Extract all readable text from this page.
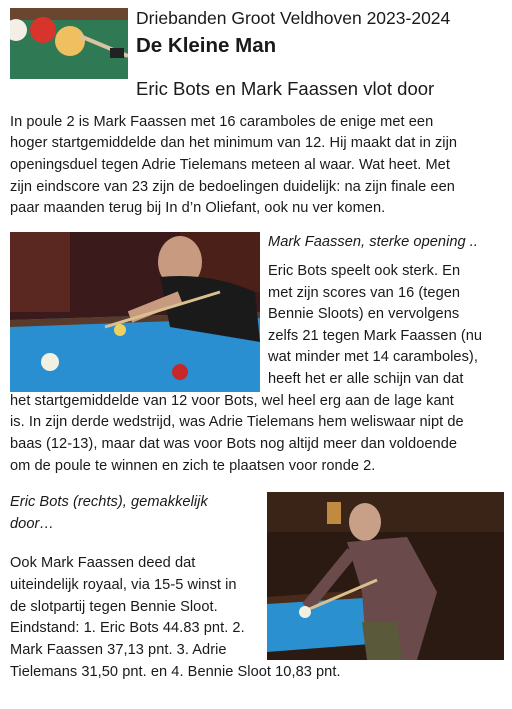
Driebanden Groot Veldhoven 2023-2024
De Kleine Man
Eric Bots en Mark Faassen vlot door
In poule 2 is Mark Faassen met 16 caramboles de enige met een
hoger startgemiddelde dan het minimum van 12. Hij maakt dat in zijn
openingsduel tegen Adrie Tielemans meteen al waar. Wat heet. Met
zijn eindscore van 23 zijn de bedoelingen duidelijk: na zijn finale een
paar maanden terug bij In d’n Oliefant, ook nu ver komen.
Mark Faassen, sterke opening ..
Eric Bots speelt ook sterk. En
met zijn scores van 16 (tegen
Bennie Sloots) en vervolgens
zelfs 21 tegen Mark Faassen (nu
wat minder met 14 caramboles),
heeft het er alle schijn van dat
het startgemiddelde van 12 voor Bots, wel heel erg aan de lage kant
is. In zijn derde wedstrijd, was Adrie Tielemans hem weliswaar nipt de
baas (12-13), maar dat was voor Bots nog altijd meer dan voldoende
om de poule te winnen en zich te plaatsen voor ronde 2.
Eric Bots (rechts), gemakkelijk
door…
Ook Mark Faassen deed dat
uiteindelijk royaal, via 15-5 winst in
de slotpartij tegen Bennie Sloot.
Eindstand: 1. Eric Bots 44.83 pnt. 2.
Mark Faassen 37,13 pnt. 3. Adrie
Tielemans 31,50 pnt. en 4. Bennie Sloot 10,83 pnt.
